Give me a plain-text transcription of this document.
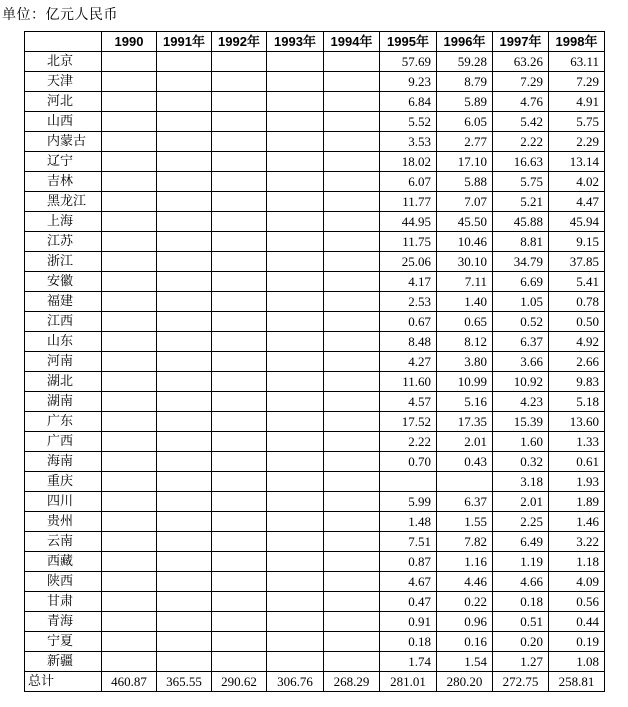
单位：亿元人民币
	1990	1991年	1992年	1993年	1994年	1995年	1996年	1997年	1998年
北京						57.69	59.28	63.26	63.11
天津						9.23	8.79	7.29	7.29
河北						6.84	5.89	4.76	4.91
山西						5.52	6.05	5.42	5.75
内蒙古						3.53	2.77	2.22	2.29
辽宁						18.02	17.10	16.63	13.14
吉林						6.07	5.88	5.75	4.02
黑龙江						11.77	7.07	5.21	4.47
上海						44.95	45.50	45.88	45.94
江苏						11.75	10.46	8.81	9.15
浙江						25.06	30.10	34.79	37.85
安徽						4.17	7.11	6.69	5.41
福建						2.53	1.40	1.05	0.78
江西						0.67	0.65	0.52	0.50
山东						8.48	8.12	6.37	4.92
河南						4.27	3.80	3.66	2.66
湖北						11.60	10.99	10.92	9.83
湖南						4.57	5.16	4.23	5.18
广东						17.52	17.35	15.39	13.60
广西						2.22	2.01	1.60	1.33
海南						0.70	0.43	0.32	0.61
重庆								3.18	1.93
四川						5.99	6.37	2.01	1.89
贵州						1.48	1.55	2.25	1.46
云南						7.51	7.82	6.49	3.22
西藏						0.87	1.16	1.19	1.18
陕西						4.67	4.46	4.66	4.09
甘肃						0.47	0.22	0.18	0.56
青海						0.91	0.96	0.51	0.44
宁夏						0.18	0.16	0.20	0.19
新疆						1.74	1.54	1.27	1.08
总计	460.87	365.55	290.62	306.76	268.29	281.01	280.20	272.75	258.81
